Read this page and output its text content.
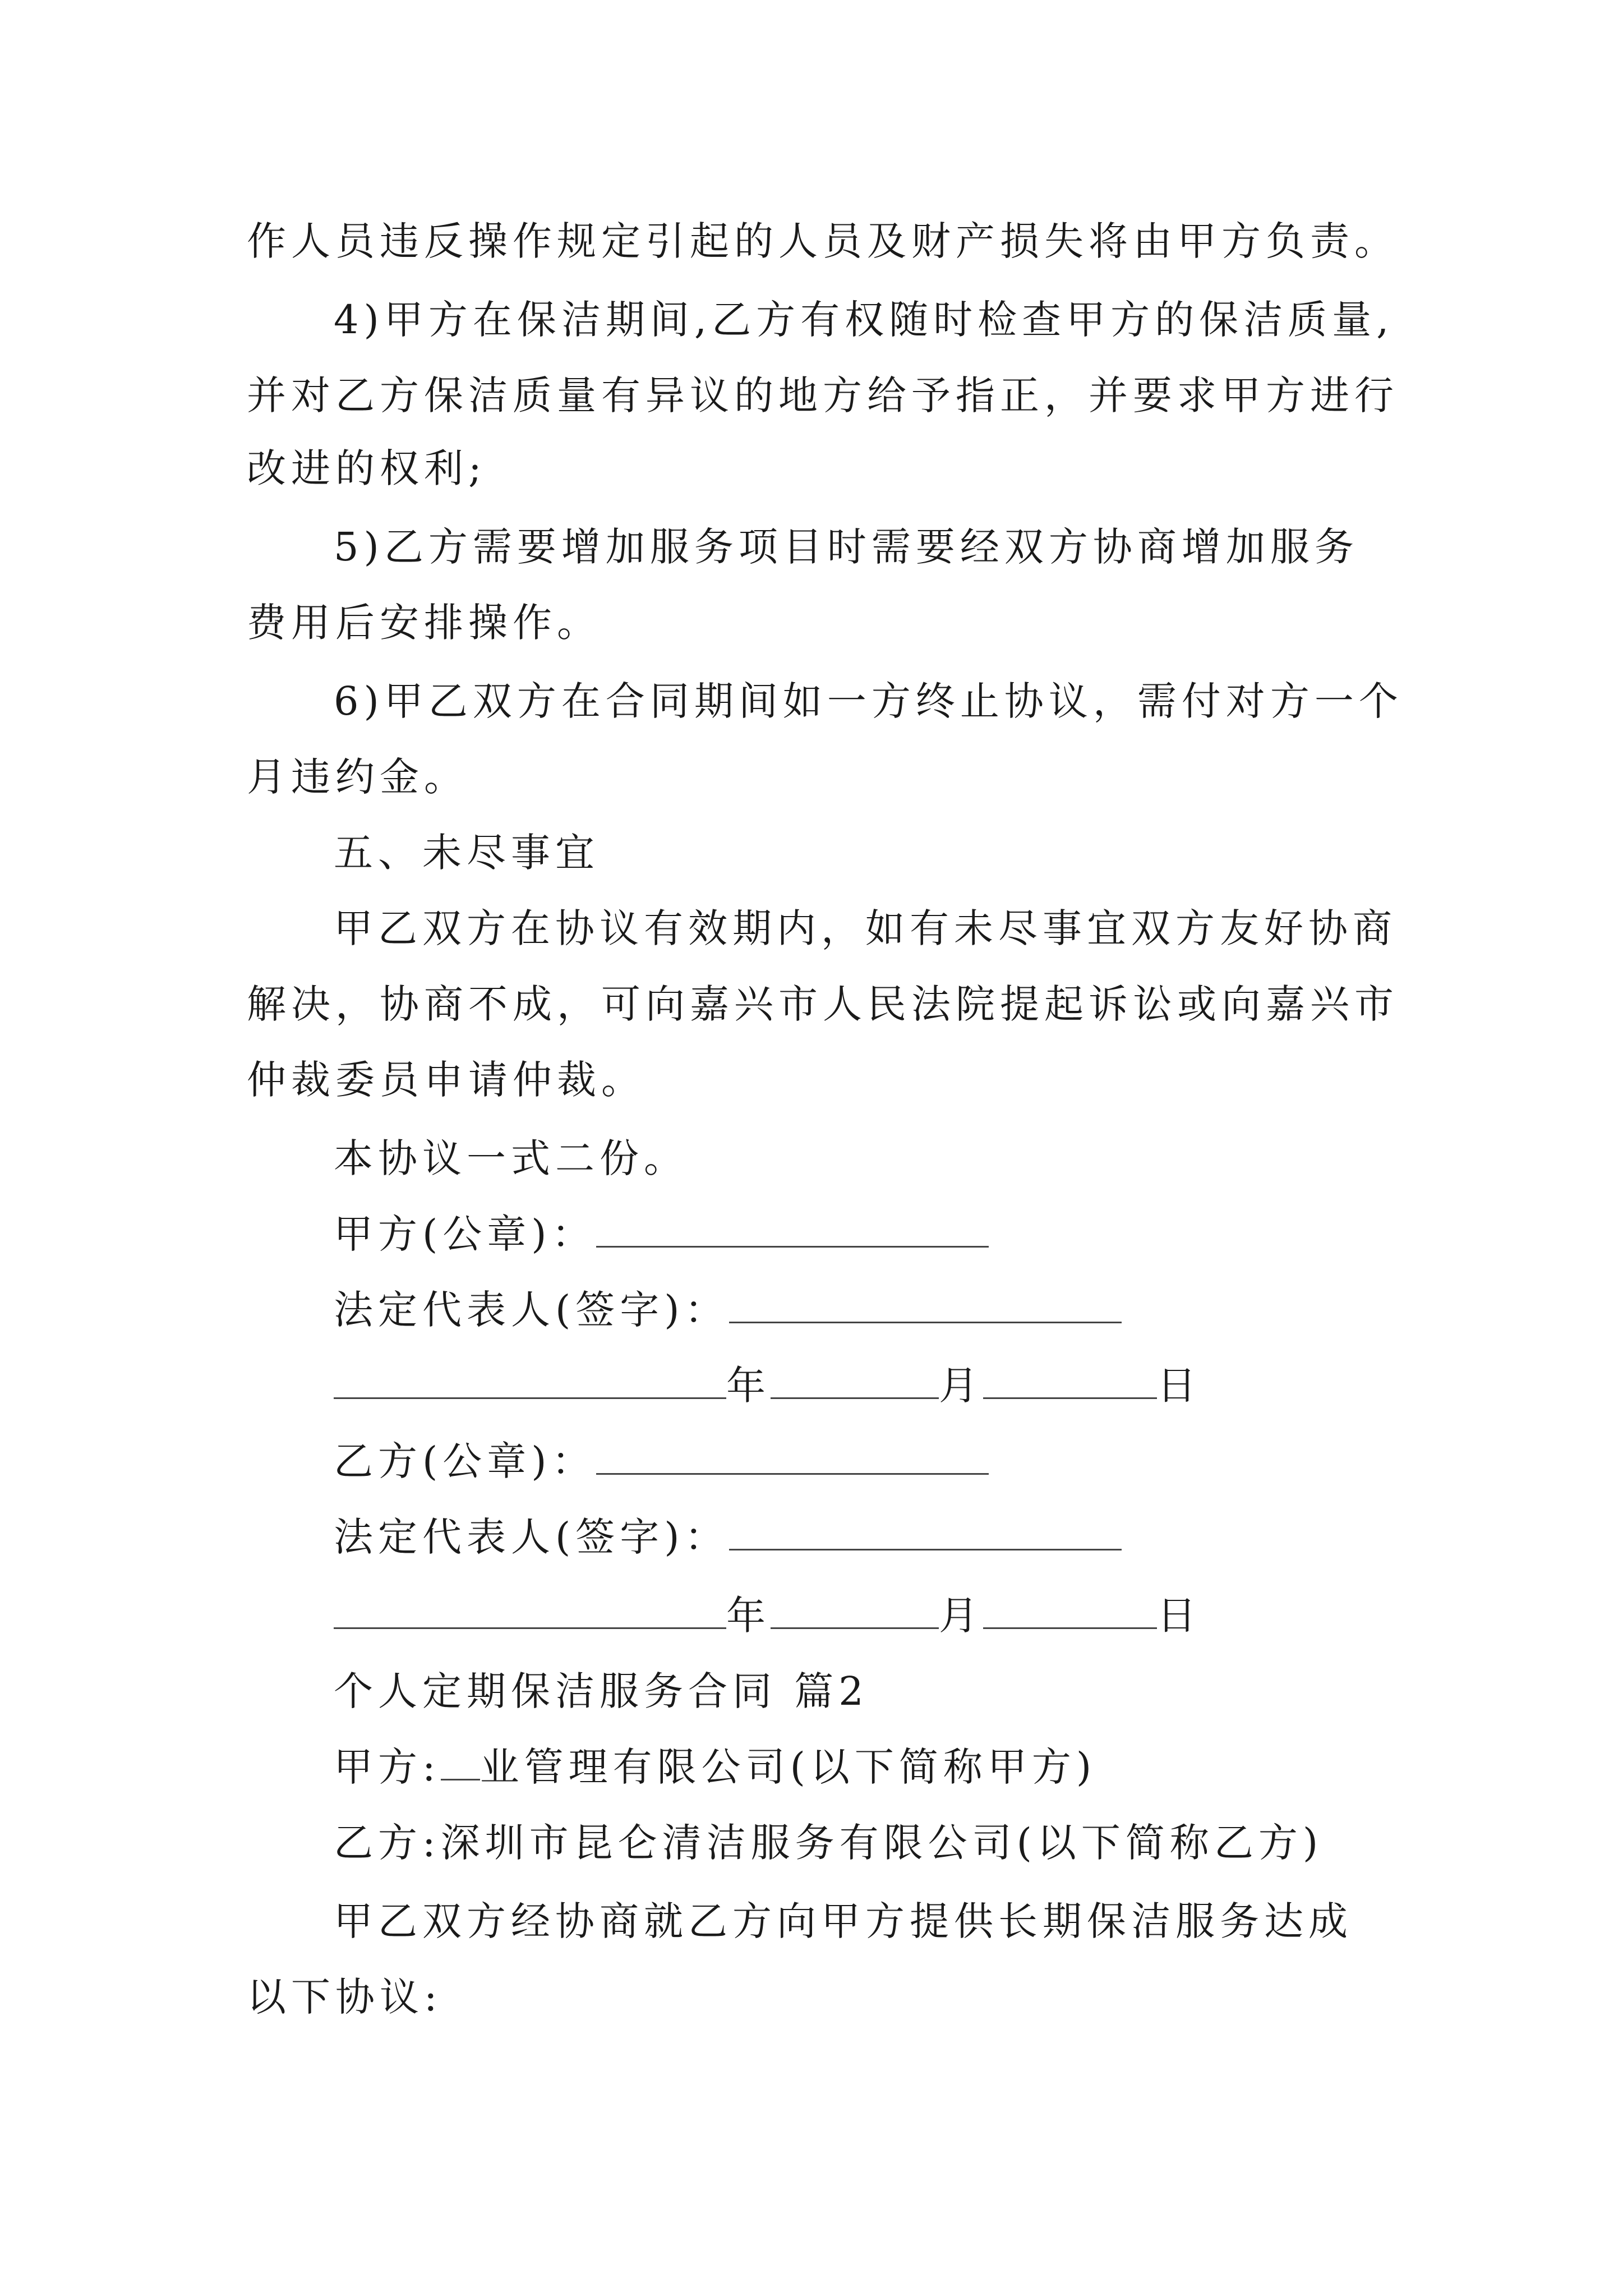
作人员违反操作规定引起的人员及财产损失将由甲方负责。
4)甲方在保洁期间,乙方有权随时检查甲方的保洁质量,
并对乙方保洁质量有异议的地方给予指正，并要求甲方进行
改进的权利;
5)乙方需要增加服务项目时需要经双方协商增加服务
费用后安排操作。
6)甲乙双方在合同期间如一方终止协议，需付对方一个
月违约金。
五、未尽事宜
甲乙双方在协议有效期内，如有未尽事宜双方友好协商
解决，协商不成，可向嘉兴市人民法院提起诉讼或向嘉兴市
仲裁委员申请仲裁。
本协议一式二份。
甲方(公章)：
法定代表人(签字)：
年	月	日
乙方(公章)：
法定代表人(签字)：
年	月	日
个人定期保洁服务合同 篇2
甲方: 业管理有限公司(以下简称甲方)
乙方:深圳市昆仑清洁服务有限公司(以下简称乙方)
甲乙双方经协商就乙方向甲方提供长期保洁服务达成
以下协议:
